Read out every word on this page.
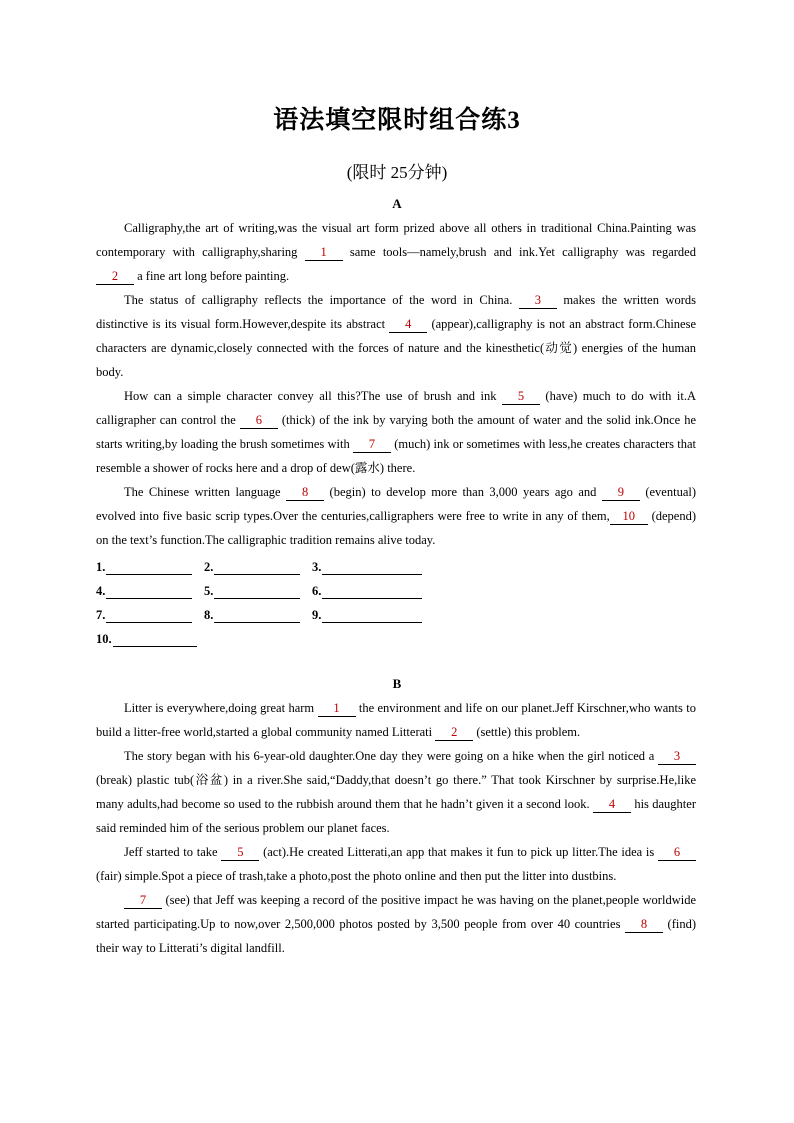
语法填空限时组合练3
(限时 25分钟)
A

Calligraphy,the art of writing,was the visual art form prized above all others in traditional China.Painting was contemporary with calligraphy,sharing 1 same tools—namely,brush and ink.Yet calligraphy was regarded 2 a fine art long before painting.

The status of calligraphy reflects the importance of the word in China. 3 makes the written words distinctive is its visual form.However,despite its abstract 4 (appear),calligraphy is not an abstract form.Chinese characters are dynamic,closely connected with the forces of nature and the kinesthetic(动觉) energies of the human body.

How can a simple character convey all this?The use of brush and ink 5 (have) much to do with it.A calligrapher can control the 6 (thick) of the ink by varying both the amount of water and the solid ink.Once he starts writing,by loading the brush sometimes with 7 (much) ink or sometimes with less,he creates characters that resemble a shower of rocks here and a drop of dew(露水) there.

The Chinese written language 8 (begin) to develop more than 3,000 years ago and 9 (eventual) evolved into five basic scrip types.Over the centuries,calligraphers were free to write in any of them, 10 (depend) on the text’s function.The calligraphic tradition remains alive today.

1.	2.	3.
4.	5.	6.
7.	8.	9.
10.
B

Litter is everywhere,doing great harm 1 the environment and life on our planet.Jeff Kirschner,who wants to build a litter-free world,started a global community named Litterati 2 (settle) this problem.

The story began with his 6-year-old daughter.One day they were going on a hike when the girl noticed a 3 (break) plastic tub(浴盆) in a river.She said,“Daddy,that doesn’t go there.” That took Kirschner by surprise.He,like many adults,had become so used to the rubbish around them that he hadn’t given it a second look. 4 his daughter said reminded him of the serious problem our planet faces.

Jeff started to take 5 (act).He created Litterati,an app that makes it fun to pick up litter.The idea is 6 (fair) simple.Spot a piece of trash,take a photo,post the photo online and then put the litter into dustbins.

7 (see) that Jeff was keeping a record of the positive impact he was having on the planet,people worldwide started participating.Up to now,over 2,500,000 photos posted by 3,500 people from over 40 countries 8 (find) their way to Litterati’s digital landfill.
